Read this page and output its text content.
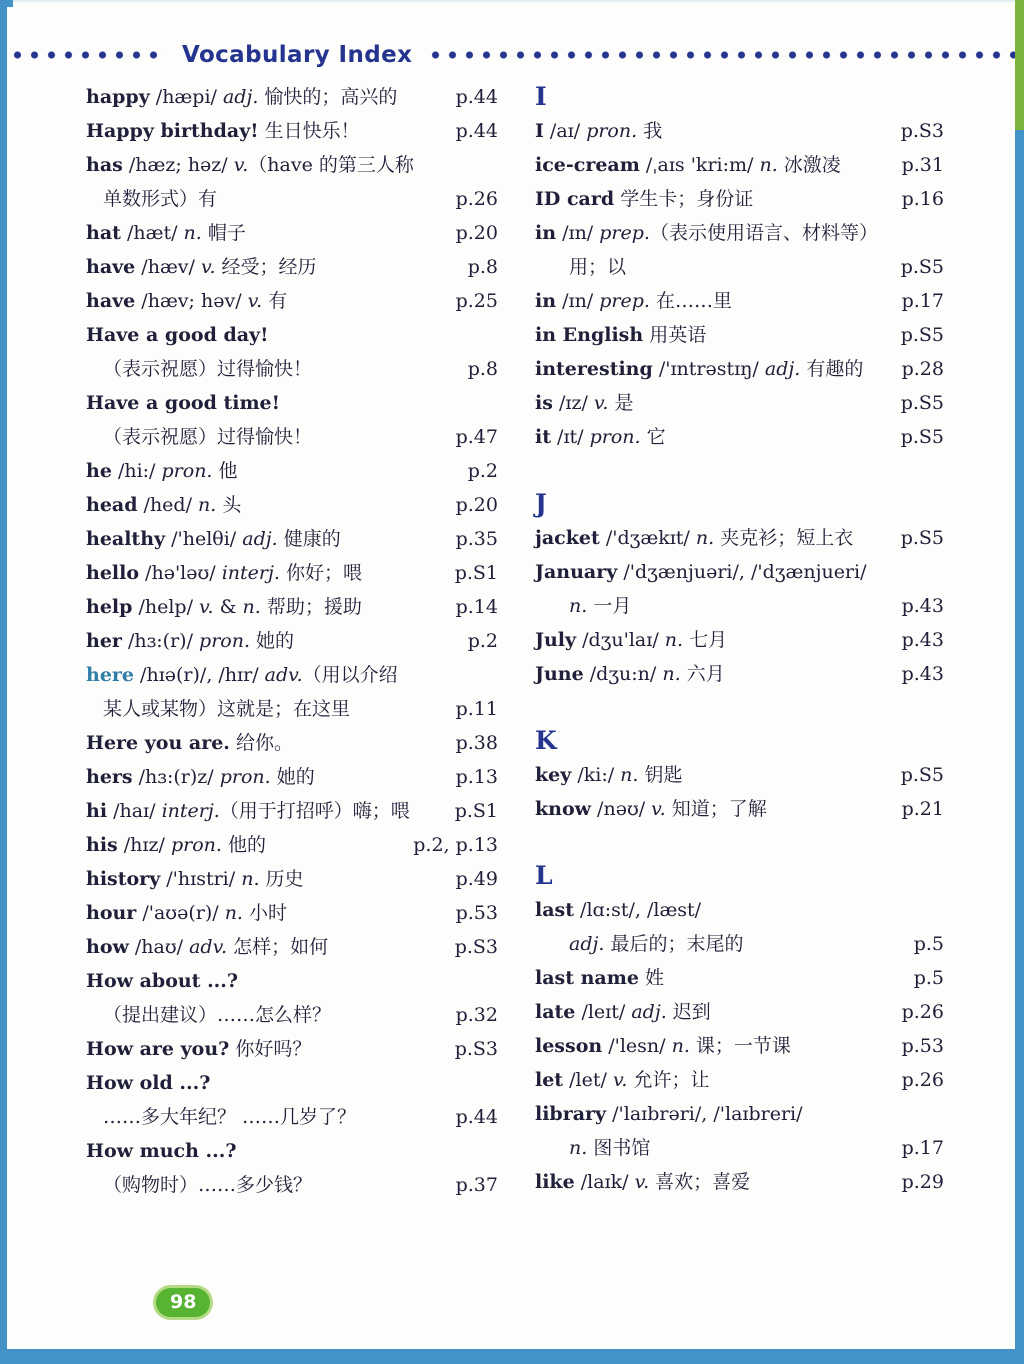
Vocabulary Index
happy /hæpi/ adj. 愉快的；高兴的	p.44
Happy birthday! 生日快乐！	p.44
has /hæz; həz/ v.（have 的第三人称
单数形式）有	p.26
hat /hæt/ n. 帽子	p.20
have /hæv/ v. 经受；经历	p.8
have /hæv; həv/ v. 有	p.25
Have a good day!
（表示祝愿）过得愉快！	p.8
Have a good time!
（表示祝愿）过得愉快！	p.47
he /hi:/ pron. 他	p.2
head /hed/ n. 头	p.20
healthy /'helθi/ adj. 健康的	p.35
hello /hə'ləʊ/ interj. 你好；喂	p.S1
help /help/ v. & n. 帮助；援助	p.14
her /hɜ:(r)/ pron. 她的	p.2
here /hɪə(r)/, /hɪr/ adv.（用以介绍
某人或某物）这就是；在这里	p.11
Here you are. 给你。	p.38
hers /hɜ:(r)z/ pron. 她的	p.13
hi /haɪ/ interj.（用于打招呼）嗨；喂	p.S1
his /hɪz/ pron. 他的	p.2, p.13
history /'hɪstri/ n. 历史	p.49
hour /'aʊə(r)/ n. 小时	p.53
how /haʊ/ adv. 怎样；如何	p.S3
How about ...?
（提出建议）……怎么样？	p.32
How are you? 你好吗？	p.S3
How old ...?
……多大年纪？ ……几岁了？	p.44
How much ...?
（购物时）……多少钱？	p.37
I
I /aɪ/ pron. 我	p.S3
ice-cream /ˌaɪs 'kri:m/ n. 冰激凌	p.31
ID card 学生卡；身份证	p.16
in /ɪn/ prep.（表示使用语言、材料等）
用；以	p.S5
in /ɪn/ prep. 在……里	p.17
in English 用英语	p.S5
interesting /'ɪntrəstɪŋ/ adj. 有趣的	p.28
is /ɪz/ v. 是	p.S5
it /ɪt/ pron. 它	p.S5
J
jacket /'dʒækɪt/ n. 夹克衫；短上衣	p.S5
January /'dʒænjuəri/, /'dʒænjueri/
n. 一月	p.43
July /dʒu'laɪ/ n. 七月	p.43
June /dʒu:n/ n. 六月	p.43
K
key /ki:/ n. 钥匙	p.S5
know /nəʊ/ v. 知道；了解	p.21
L
last /lɑ:st/, /læst/
adj. 最后的；末尾的	p.5
last name 姓	p.5
late /leɪt/ adj. 迟到	p.26
lesson /'lesn/ n. 课；一节课	p.53
let /let/ v. 允许；让	p.26
library /'laɪbrəri/, /'laɪbreri/
n. 图书馆	p.17
like /laɪk/ v. 喜欢；喜爱	p.29
98
